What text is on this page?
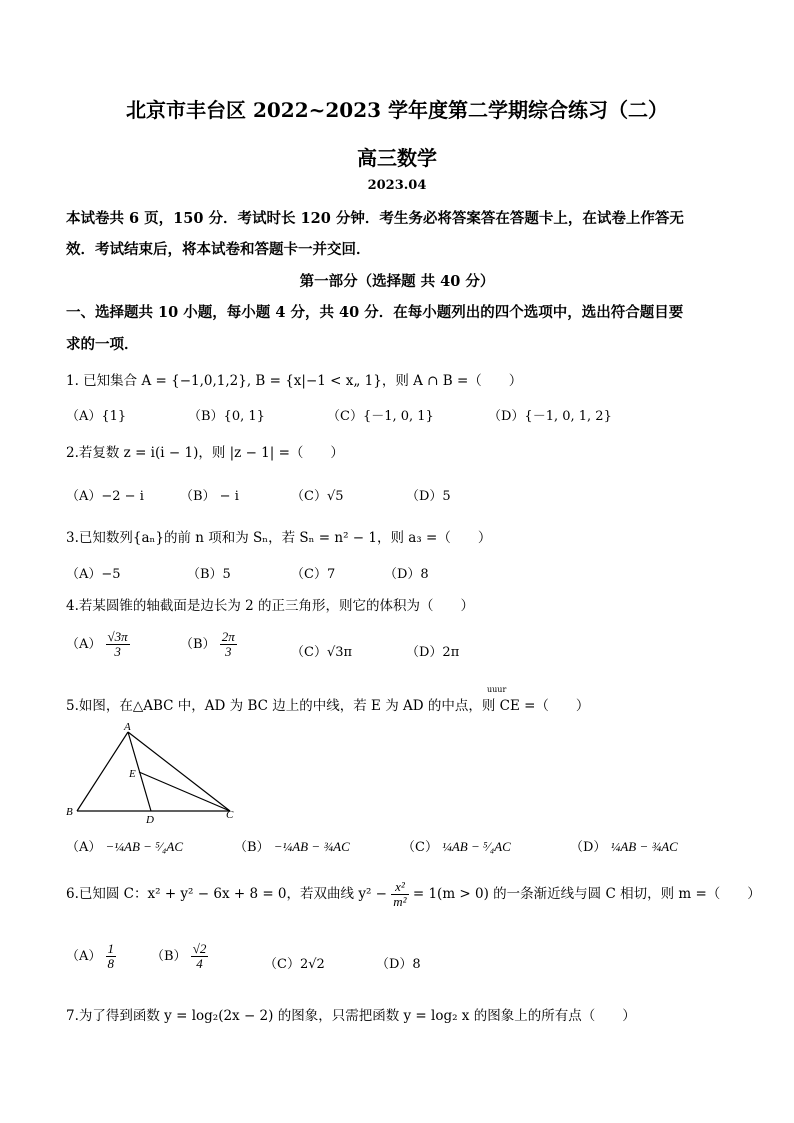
北京市丰台区 2022~2023 学年度第二学期综合练习（二）
高三数学
2023.04
本试卷共 6 页，150 分．考试时长 120 分钟．考生务必将答案答在答题卡上，在试卷上作答无
效．考试结束后，将本试卷和答题卡一并交回．
第一部分（选择题 共 40 分）
一、选择题共 10 小题，每小题 4 分，共 40 分．在每小题列出的四个选项中，选出符合题目要
求的一项．
1. 已知集合 A = {−1,0,1,2}, B = {x|−1 < x„ 1}，则 A ∩ B =（　　）
（A）{1}	（B）{0, 1}	（C）{－1, 0, 1}	（D）{－1, 0, 1, 2}
2.若复数 z = i(i − 1)，则 |z − 1| =（　　）
（A）−2 − i	（B） − i	（C）√5	（D）5
3.已知数列{aₙ}的前 n 项和为 Sₙ，若 Sₙ = n² − 1，则 a₃ =（　　）
（A）−5	（B）5	（C）7	（D）8
4.若某圆锥的轴截面是边长为 2 的正三角形，则它的体积为（　　）
$(A) \frac{√3\pi}{3}$	$(B) \frac{2\pi}{3}$	（C）√3π	（D）2π
5.如图，在△ABC 中，AD 为 BC 边上的中线，若 E 为 AD 的中点，则 CE =（　　）
uuur
A
B	C
D
E
（A） −¼AB − ⁵⁄₄AC	（B） −¼AB − ¾AC	（C） ¼AB − ⁵⁄₄AC	（D） ¼AB − ¾AC
6.已知圆 C：x² + y² − 6x + 8 = 0，若双曲线 $y^2 - \frac{\text{x²}}{\text{m²}} = 1(m > 0)$ 的一条渐近线与圆 C 相切，则 m =（　　）
$(A) \frac{1}{8}$	$(B) \frac{√2}{4}$	（C）2√2	（D）8
7.为了得到函数 y = log₂(2x − 2) 的图象，只需把函数 y = log₂ x 的图象上的所有点（　　）
